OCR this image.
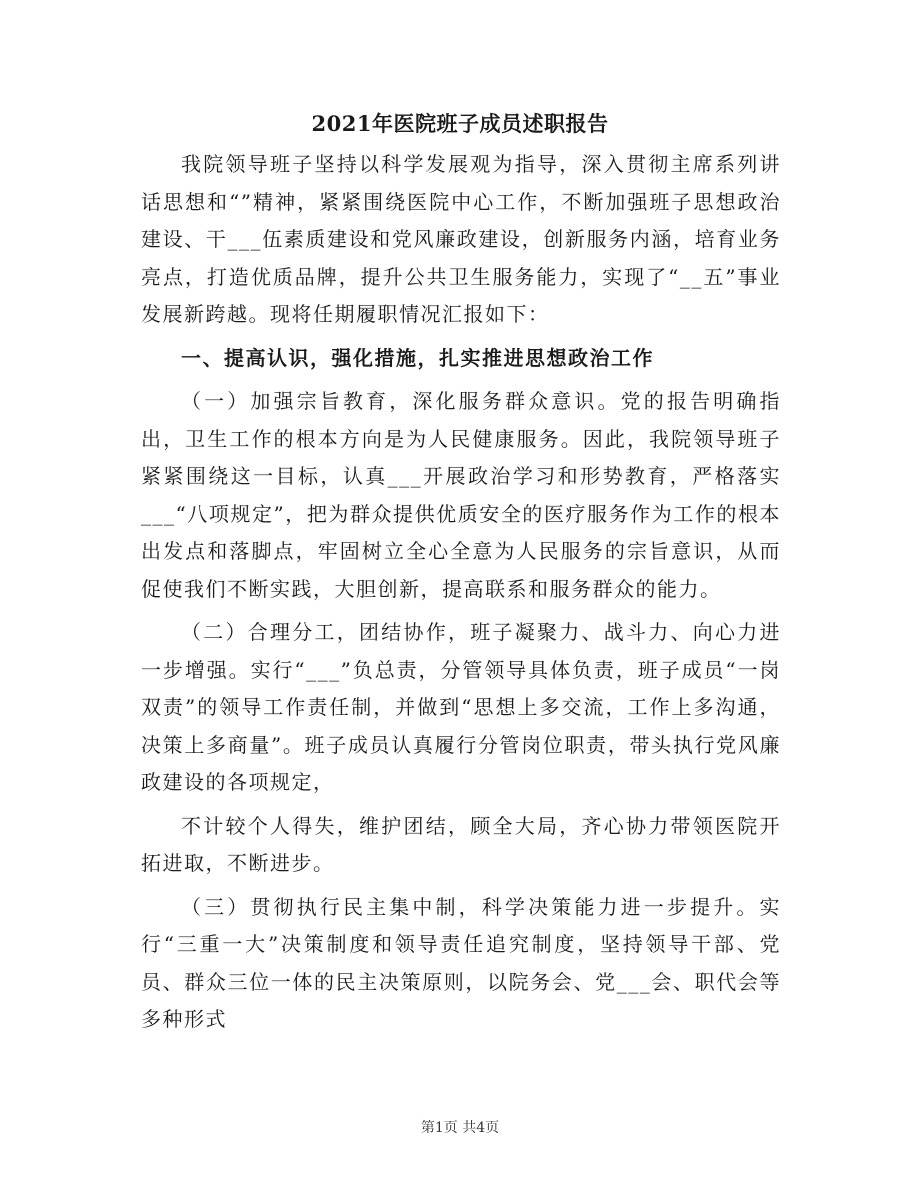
2021年医院班子成员述职报告

我院领导班子坚持以科学发展观为指导，深入贯彻主席系列讲话思想和“”精神，紧紧围绕医院中心工作，不断加强班子思想政治建设、干___伍素质建设和党风廉政建设，创新服务内涵，培育业务亮点，打造优质品牌，提升公共卫生服务能力，实现了“__五”事业发展新跨越。现将任期履职情况汇报如下：

一、提高认识，强化措施，扎实推进思想政治工作

（一）加强宗旨教育，深化服务群众意识。党的报告明确指出，卫生工作的根本方向是为人民健康服务。因此，我院领导班子紧紧围绕这一目标，认真___开展政治学习和形势教育，严格落实___“八项规定”，把为群众提供优质安全的医疗服务作为工作的根本出发点和落脚点，牢固树立全心全意为人民服务的宗旨意识，从而促使我们不断实践，大胆创新，提高联系和服务群众的能力。

（二）合理分工，团结协作，班子凝聚力、战斗力、向心力进一步增强。实行“___”负总责，分管领导具体负责，班子成员“一岗双责”的领导工作责任制，并做到“思想上多交流，工作上多沟通，决策上多商量”。班子成员认真履行分管岗位职责，带头执行党风廉政建设的各项规定，

不计较个人得失，维护团结，顾全大局，齐心协力带领医院开拓进取，不断进步。

（三）贯彻执行民主集中制，科学决策能力进一步提升。实行“三重一大”决策制度和领导责任追究制度，坚持领导干部、党员、群众三位一体的民主决策原则，以院务会、党___会、职代会等多种形式

第1页 共4页
